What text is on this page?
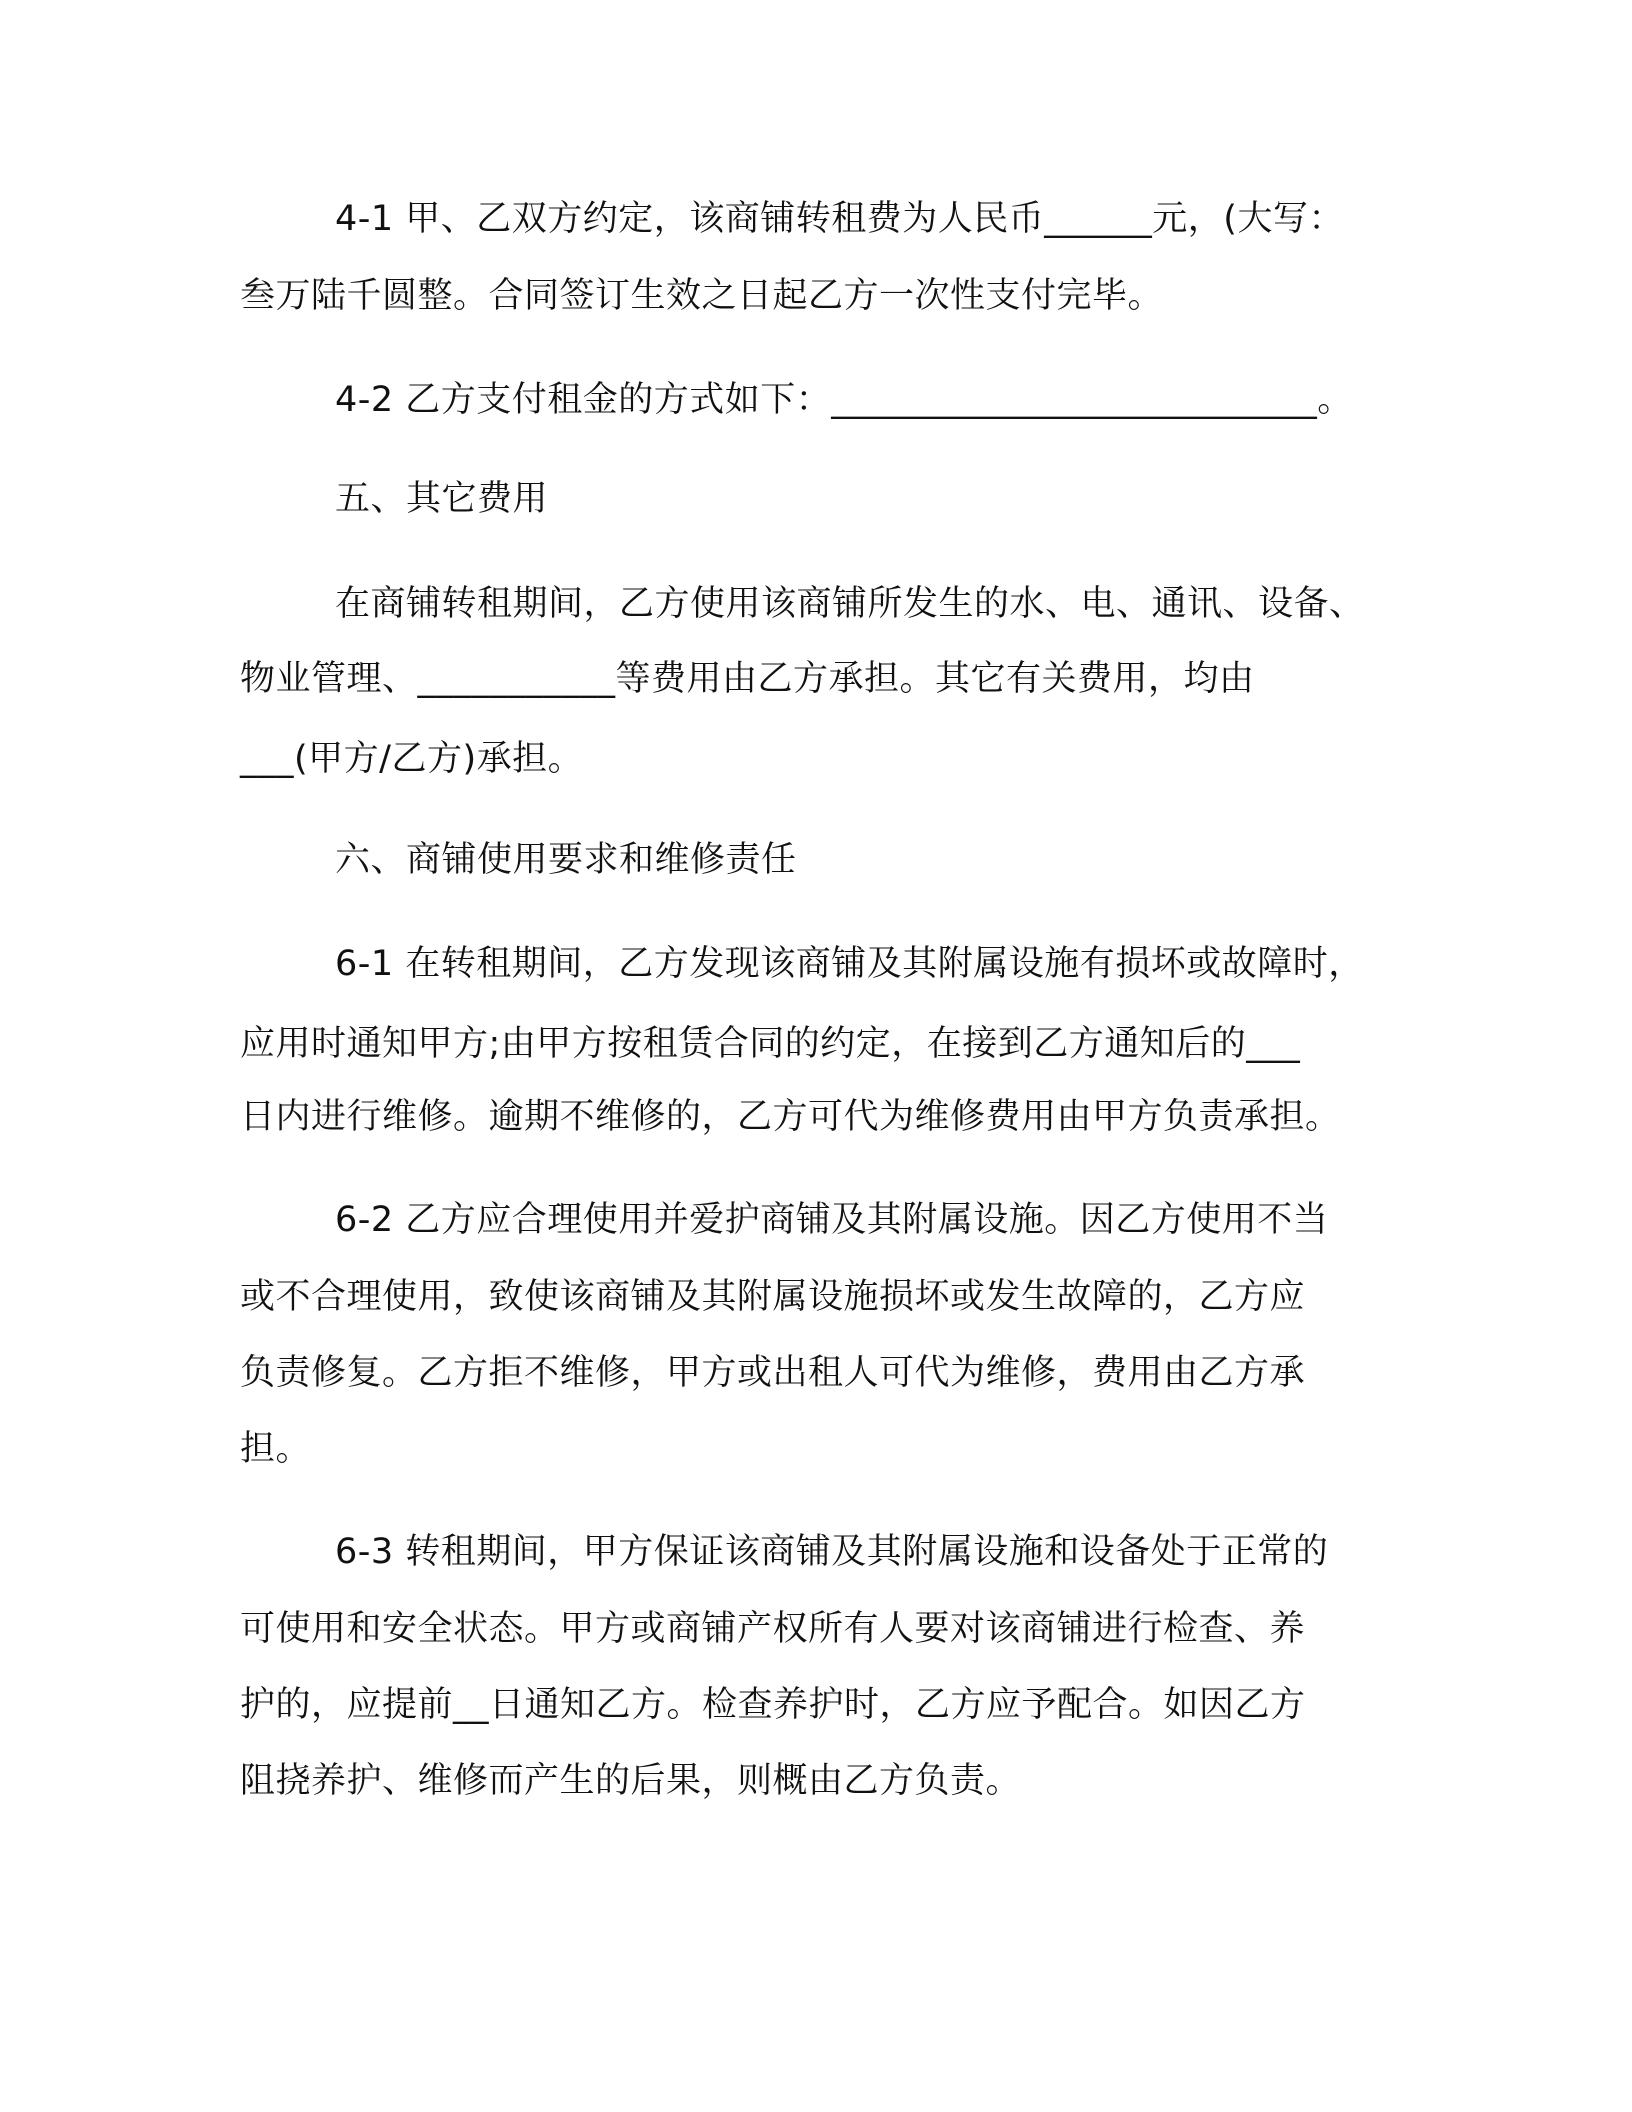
4-1 甲、乙双方约定，该商铺转租费为人民币______元，(大写：
叁万陆千圆整。合同签订生效之日起乙方一次性支付完毕。
4-2 乙方支付租金的方式如下：___________________________。
五、其它费用
在商铺转租期间，乙方使用该商铺所发生的水、电、通讯、设备、
物业管理、___________等费用由乙方承担。其它有关费用，均由
___(甲方/乙方)承担。
六、商铺使用要求和维修责任
6-1 在转租期间，乙方发现该商铺及其附属设施有损坏或故障时，
应用时通知甲方;由甲方按租赁合同的约定，在接到乙方通知后的___
日内进行维修。逾期不维修的，乙方可代为维修费用由甲方负责承担。
6-2 乙方应合理使用并爱护商铺及其附属设施。因乙方使用不当
或不合理使用，致使该商铺及其附属设施损坏或发生故障的，乙方应
负责修复。乙方拒不维修，甲方或出租人可代为维修，费用由乙方承
担。
6-3 转租期间，甲方保证该商铺及其附属设施和设备处于正常的
可使用和安全状态。甲方或商铺产权所有人要对该商铺进行检查、养
护的，应提前__日通知乙方。检查养护时，乙方应予配合。如因乙方
阻挠养护、维修而产生的后果，则概由乙方负责。
